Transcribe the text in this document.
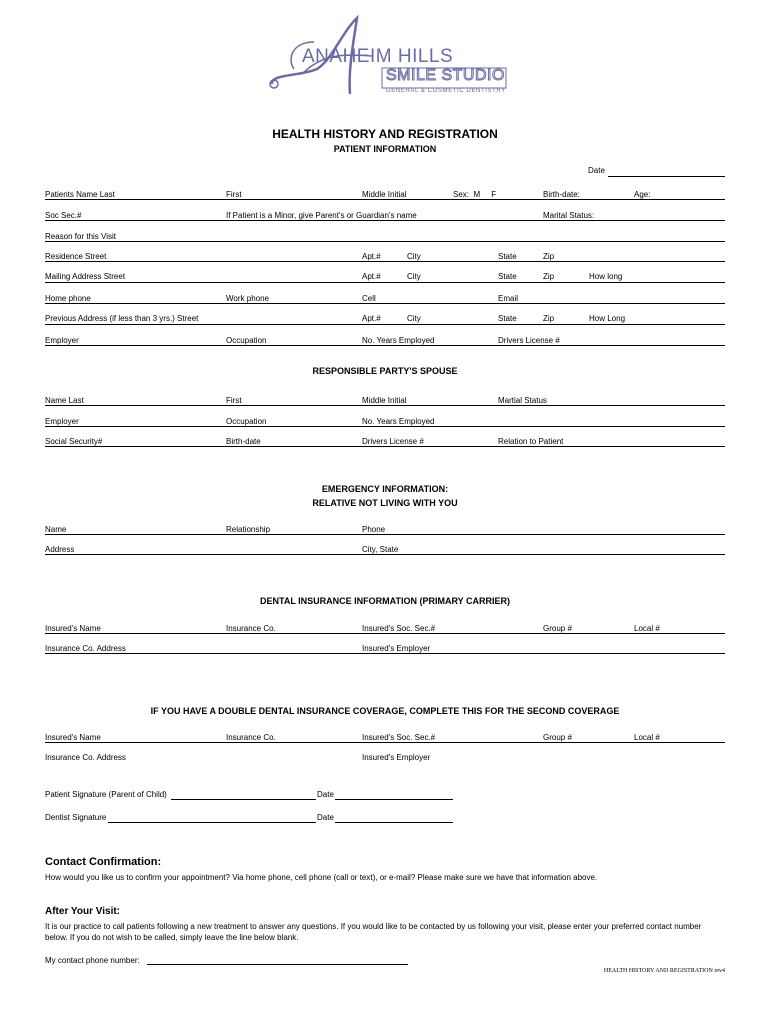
ANAHEIM HILLS
SMILE STUDIO
GENERAL & COSMETIC DENTISTRY
HEALTH HISTORY AND REGISTRATION
PATIENT INFORMATION
Date
Patients Name Last	First	Middle Initial	Sex:  M     F	Birth-date:	Age:
Soc Sec.#	If Patient is a Minor, give Parent's or Guardian's name	Marital Status:
Reason for this Visit
Residence Street	Apt.#	City	State	Zip
Mailing Address Street	Apt.#	City	State	Zip	How long
Home phone	Work phone	Cell	Email
Previous Address (if less than 3 yrs.) Street	Apt.#	City	State	Zip	How Long
Employer	Occupation	No. Years Employed	Drivers License #
RESPONSIBLE PARTY'S SPOUSE
Name Last	First	Middle Initial	Martial Status
Employer	Occupation	No. Years Employed
Social Security#	Birth-date	Drivers License #	Relation to Patient
EMERGENCY INFORMATION:
RELATIVE NOT LIVING WITH YOU
Name	Relationship	Phone
Address	City, State
DENTAL INSURANCE INFORMATION (PRIMARY CARRIER)
Insured's Name	Insurance Co.	Insured's Soc. Sec.#	Group #	Local #
Insurance Co. Address	Insured's Employer
IF YOU HAVE A DOUBLE DENTAL INSURANCE COVERAGE, COMPLETE THIS FOR THE SECOND COVERAGE
Insured's Name	Insurance Co.	Insured's Soc. Sec.#	Group #	Local #
Insurance Co. Address	Insured's Employer
Patient Signature (Parent of Child)	Date
Dentist Signature	Date
Contact Confirmation:
How would you like us to confirm your appointment? Via home phone, cell phone (call or text), or e-mail? Please make sure we have that information above.
After Your Visit:
It is our practice to call patients following a new treatment to answer any questions. If you would like to be contacted by us following your visit, please enter your preferred contact number below. If you do not wish to be called, simply leave the line below blank.
My contact phone number:
HEALTH HISTORY AND REGISTRATION rev4
